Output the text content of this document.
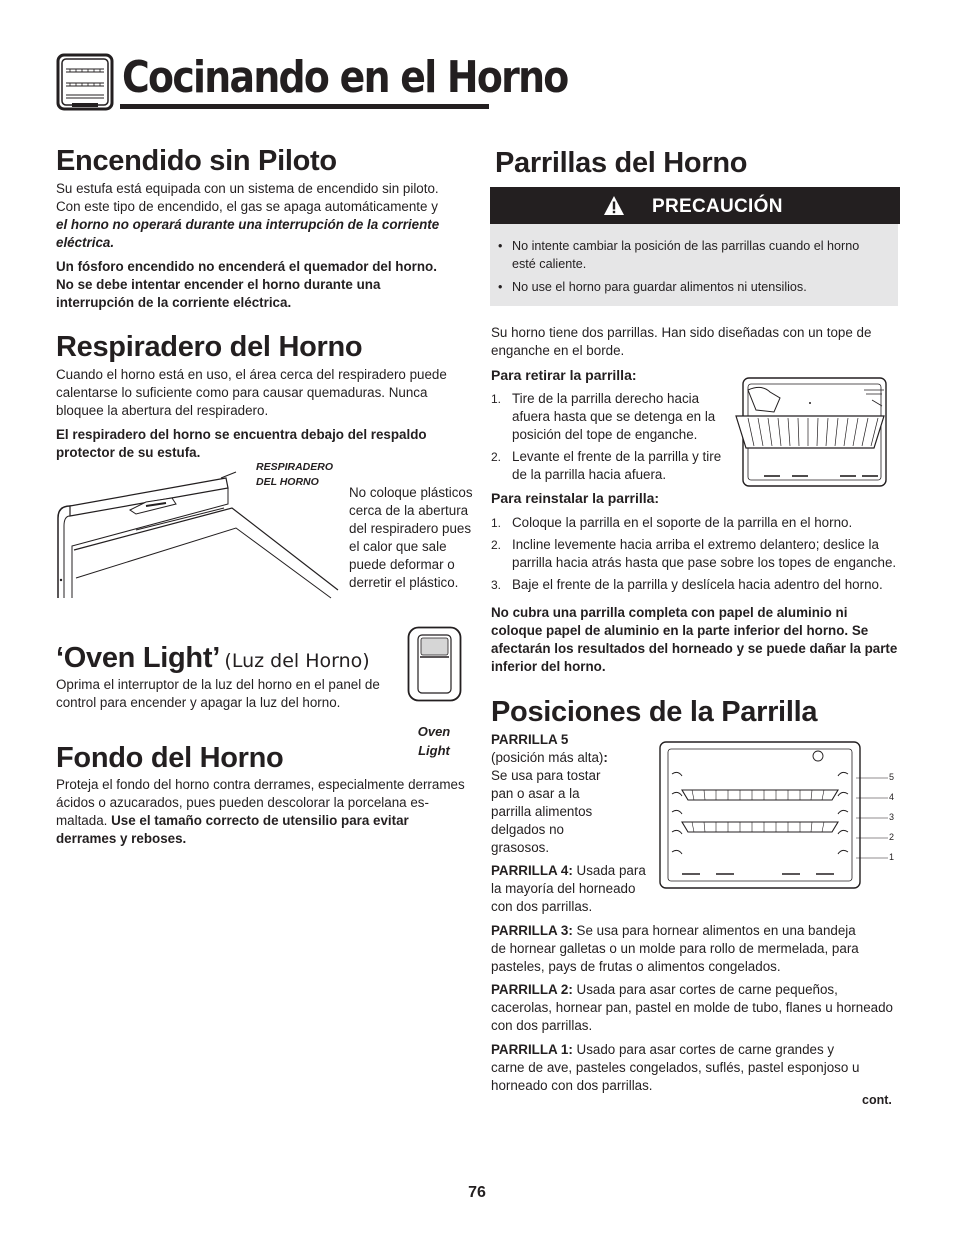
Cocinando en el Horno
Encendido sin Piloto

Su estufa está equipada con un sistema de encendido sin piloto. Con este tipo de encendido, el gas se apaga automáticamente y el horno no operará durante una interrupción de la corriente eléctrica.

Un fósforo encendido no encenderá el quemador del horno. No se debe intentar encender el horno durante una interrupción de la corriente eléctrica.

Respiradero del Horno

Cuando el horno está en uso, el área cerca del respiradero puede calentarse lo suficiente como para causar quemaduras. Nunca bloquee la abertura del respiradero.

El respiradero del horno se encuentra debajo del respaldo protector de su estufa.

RESPIRADERO DEL HORNO
No coloque plásticos cerca de la abertura del respiradero pues el calor que sale puede deformar o derretir el plástico.
‘Oven Light’ (Luz del Horno)
Oprima el interruptor de la luz del horno en el panel de control para encender y apagar la luz del horno.
Oven
Light
Fondo del Horno

Proteja el fondo del horno contra derrames, especialmente derrames ácidos o azucarados, pues pueden descolorar la porcelana es-maltada. Use el tamaño correcto de utensilio para evitar derrames y reboses.

Parrillas del Horno
PRECAUCIÓN
• No intente cambiar la posición de las parrillas cuando el horno esté caliente.
• No use el horno para guardar alimentos ni utensilios.
Su horno tiene dos parrillas. Han sido diseñadas con un tope de enganche en el borde.
Para retirar la parrilla:
1. Tire de la parrilla derecho hacia afuera hasta que se detenga en la posición del tope de enganche.
2. Levante el frente de la parrilla y tire de la parrilla hacia afuera.
Para reinstalar la parrilla:
1. Coloque la parrilla en el soporte de la parrilla en el horno.
2. Incline levemente hacia arriba el extremo delantero; deslice la parrilla hacia atrás hasta que pase sobre los topes de enganche.
3. Baje el frente de la parrilla y deslícela hacia adentro del horno.
No cubra una parrilla completa con papel de aluminio ni coloque papel de aluminio en la parte inferior del horno. Se afectarán los resultados del horneado y se puede dañar la parte inferior del horno.
Posiciones de la Parrilla
PARRILLA 5
(posición más alta):
Se usa para tostar pan o asar a la parrilla alimentos delgados no grasosos.
PARRILLA 4: Usada para la mayoría del horneado con dos parrillas.
5
4
3
2
1
PARRILLA 3: Se usa para hornear alimentos en una bandeja de hornear galletas o un molde para rollo de mermelada, para pasteles, pays de frutas o alimentos congelados.
PARRILLA 2: Usada para asar cortes de carne pequeños, cacerolas, hornear pan, pastel en molde de tubo, flanes u horneado con dos parrillas.
PARRILLA 1: Usado para asar cortes de carne grandes y carne de ave, pasteles congelados, suflés, pastel esponjoso u horneado con dos parrillas.
cont.
76
